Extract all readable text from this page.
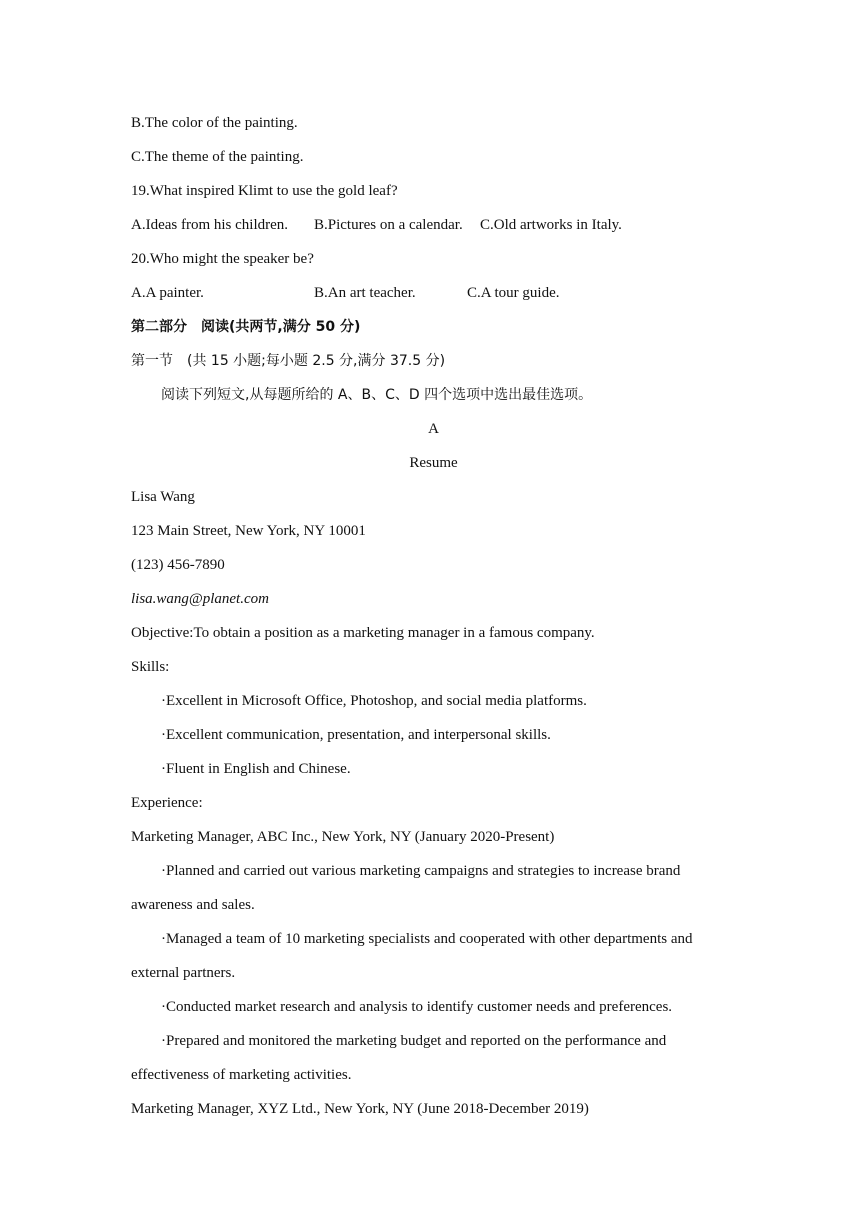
B.The color of the painting.
C.The theme of the painting.
19.What inspired Klimt to use the gold leaf?
A.Ideas from his children. B.Pictures on a calendar. C.Old artworks in Italy.
20.Who might the speaker be?
A.A painter.	B.An art teacher.	C.A tour guide.
第二部分　阅读(共两节,满分 50 分)
第一节　(共 15 小题;每小题 2.5 分,满分 37.5 分)
阅读下列短文,从每题所给的 A、B、C、D 四个选项中选出最佳选项。
A
Resume
Lisa Wang
123 Main Street, New York, NY 10001
(123) 456-7890
lisa.wang@planet.com
Objective:To obtain a position as a marketing manager in a famous company.
Skills:
·Excellent in Microsoft Office, Photoshop, and social media platforms.
·Excellent communication, presentation, and interpersonal skills.
·Fluent in English and Chinese.
Experience:
Marketing Manager, ABC Inc., New York, NY (January 2020-Present)
·Planned and carried out various marketing campaigns and strategies to increase brand
awareness and sales.
·Managed a team of 10 marketing specialists and cooperated with other departments and
external partners.
·Conducted market research and analysis to identify customer needs and preferences.
·Prepared and monitored the marketing budget and reported on the performance and
effectiveness of marketing activities.
Marketing Manager, XYZ Ltd., New York, NY (June 2018-December 2019)
